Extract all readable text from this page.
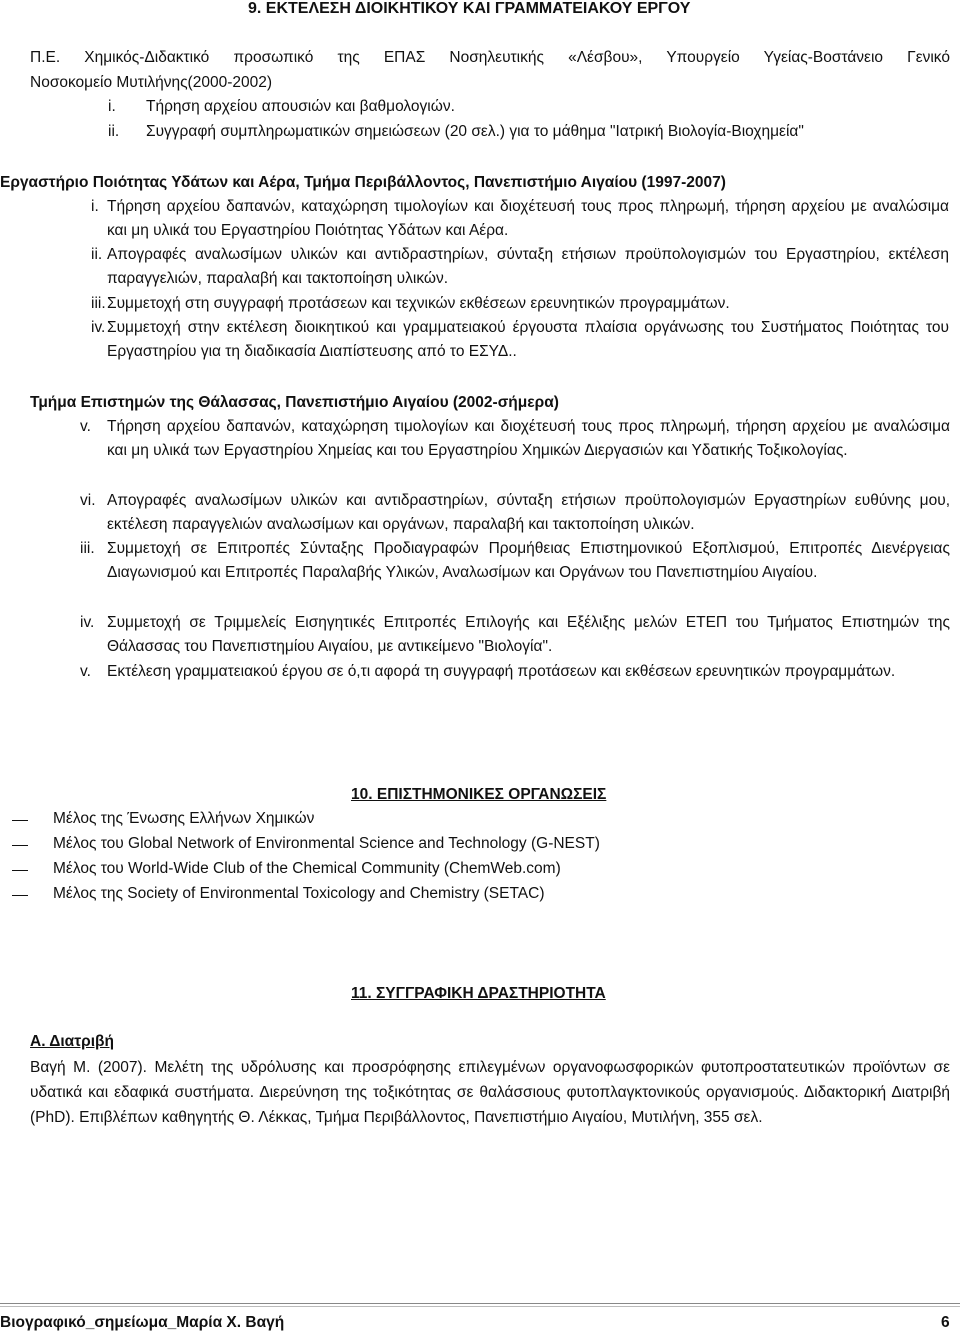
9. ΕΚΤΕΛΕΣΗ ΔΙΟΙΚΗΤΙΚΟΥ ΚΑΙ ΓΡΑΜΜΑΤΕΙΑΚΟΥ ΕΡΓΟΥ
Π.Ε. Χημικός-Διδακτικό προσωπικό της ΕΠΑΣ Νοσηλευτικής «Λέσβου», Υπουργείο Υγείας-Βοστάνειο Γενικό
Νοσοκομείο Μυτιλήνης(2000-2002)
i. Τήρηση αρχείου απουσιών και βαθμολογιών.
ii. Συγγραφή συμπληρωματικών σημειώσεων (20 σελ.) για το μάθημα "Ιατρική Βιολογία-Βιοχημεία"
Εργαστήριο Ποιότητας Υδάτων και Αέρα, Τμήμα Περιβάλλοντος, Πανεπιστήμιο Αιγαίου (1997-2007)
i. Τήρηση αρχείου δαπανών, καταχώρηση τιμολογίων και διοχέτευσή τους προς πληρωμή, τήρηση αρχείου με αναλώσιμα και μη υλικά του Εργαστηρίου Ποιότητας Υδάτων και Αέρα.
ii. Απογραφές αναλωσίμων υλικών και αντιδραστηρίων, σύνταξη ετήσιων προϋπολογισμών του Εργαστηρίου, εκτέλεση παραγγελιών, παραλαβή και τακτοποίηση υλικών.
iii. Συμμετοχή στη συγγραφή προτάσεων και τεχνικών εκθέσεων ερευνητικών προγραμμάτων.
iv. Συμμετοχή στην εκτέλεση διοικητικού και γραμματειακού έργουστα πλαίσια οργάνωσης του Συστήματος Ποιότητας του Εργαστηρίου για τη διαδικασία Διαπίστευσης από το ΕΣΥΔ..
Τμήμα Επιστημών της Θάλασσας, Πανεπιστήμιο Αιγαίου (2002-σήμερα)
v. Τήρηση αρχείου δαπανών, καταχώρηση τιμολογίων και διοχέτευσή τους προς πληρωμή, τήρηση αρχείου με αναλώσιμα και μη υλικά των Εργαστηρίου Χημείας και του Εργαστηρίου Χημικών Διεργασιών και Υδατικής Τοξικολογίας.
vi. Απογραφές αναλωσίμων υλικών και αντιδραστηρίων, σύνταξη ετήσιων προϋπολογισμών Εργαστηρίων ευθύνης μου, εκτέλεση παραγγελιών αναλωσίμων και οργάνων, παραλαβή και τακτοποίηση υλικών.
iii. Συμμετοχή σε Επιτροπές Σύνταξης Προδιαγραφών Προμήθειας Επιστημονικού Εξοπλισμού, Επιτροπές Διενέργειας Διαγωνισμού και Επιτροπές Παραλαβής Υλικών, Αναλωσίμων και Οργάνων του Πανεπιστημίου Αιγαίου.
iv. Συμμετοχή σε Τριμμελείς Εισηγητικές Επιτροπές Επιλογής και Εξέλιξης μελών ΕΤΕΠ του Τμήματος Επιστημών της Θάλασσας του Πανεπιστημίου Αιγαίου, με αντικείμενο "Βιολογία".
v. Εκτέλεση γραμματειακού έργου σε ό,τι αφορά τη συγγραφή προτάσεων και εκθέσεων ερευνητικών προγραμμάτων.
10. ΕΠΙΣΤΗΜΟΝΙΚΕΣ ΟΡΓΑΝΩΣΕΙΣ
Μέλος της Ένωσης Ελλήνων Χημικών
Μέλος του Global Network of Environmental Science and Technology (G-NEST)
Μέλος του World-Wide Club of the Chemical Community (ChemWeb.com)
Μέλος της Society of Environmental Toxicology and Chemistry (SETAC)
11. ΣΥΓΓΡΑΦΙΚΗ ΔΡΑΣΤΗΡΙΟΤΗΤΑ
Α. Διατριβή
Βαγή Μ. (2007). Μελέτη της υδρόλυσης και προσρόφησης επιλεγμένων οργανοφωσφορικών φυτοπροστατευτικών προϊόντων σε υδατικά και εδαφικά συστήματα. Διερεύνηση της τοξικότητας σε θαλάσσιους φυτοπλαγκτονικούς οργανισμούς. Διδακτορική Διατριβή (PhD). Επιβλέπων καθηγητής Θ. Λέκκας, Τμήμα Περιβάλλοντος, Πανεπιστήμιο Αιγαίου, Μυτιλήνη, 355 σελ.
Βιογραφικό_σημείωμα_Μαρία Χ. Βαγή	6
